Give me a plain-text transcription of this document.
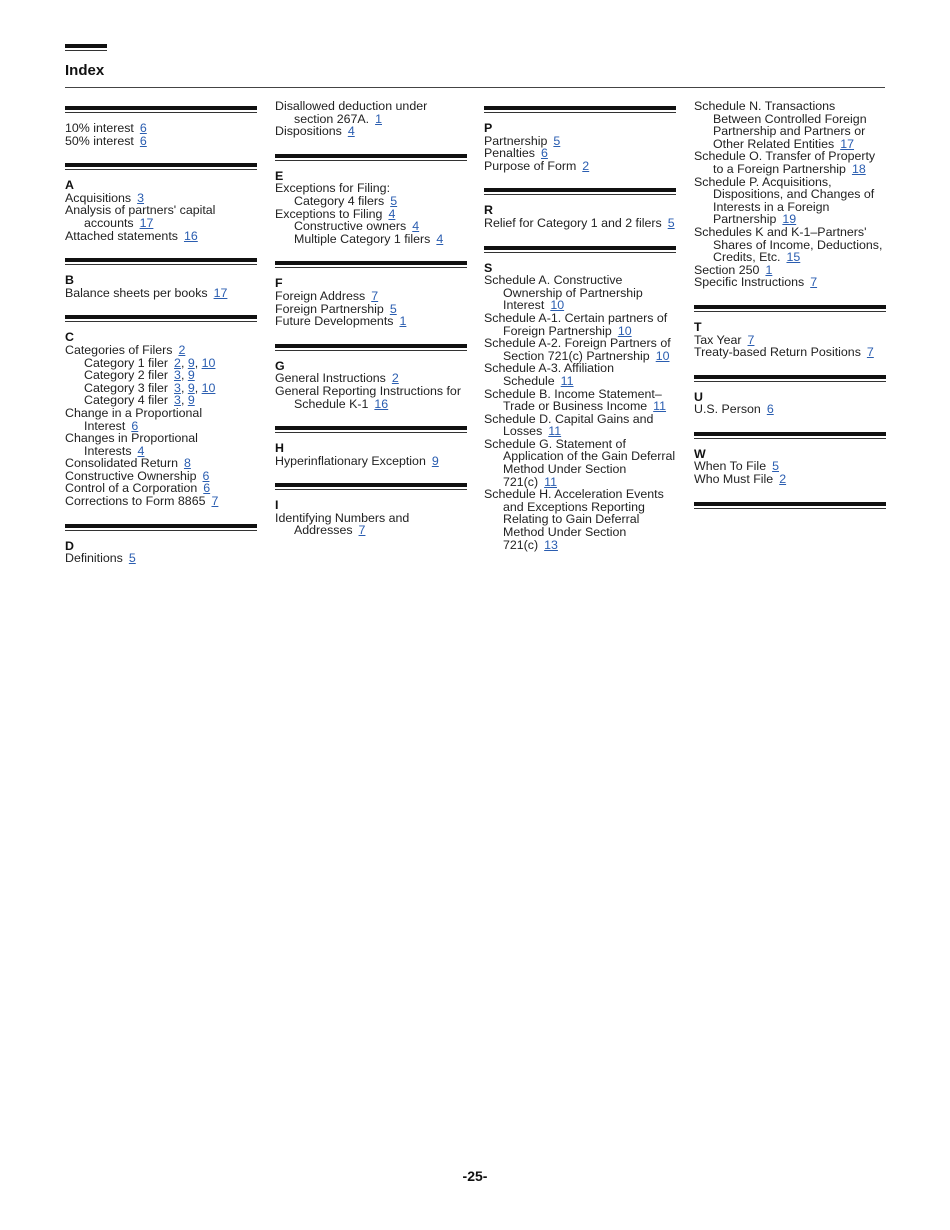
Index
10% interest 6
50% interest 6
A
Acquisitions 3
Analysis of partners' capital
accounts 17
Attached statements 16
B
Balance sheets per books 17
C
Categories of Filers 2
Category 1 filer 2, 9, 10
Category 2 filer 3, 9
Category 3 filer 3, 9, 10
Category 4 filer 3, 9
Change in a Proportional
Interest 6
Changes in Proportional
Interests 4
Consolidated Return 8
Constructive Ownership 6
Control of a Corporation 6
Corrections to Form 8865 7
D
Definitions 5
Disallowed deduction under
section 267A. 1
Dispositions 4
E
Exceptions for Filing:
Category 4 filers 5
Exceptions to Filing 4
Constructive owners 4
Multiple Category 1 filers 4
F
Foreign Address 7
Foreign Partnership 5
Future Developments 1
G
General Instructions 2
General Reporting Instructions for
Schedule K-1 16
H
Hyperinflationary Exception 9
I
Identifying Numbers and
Addresses 7
P
Partnership 5
Penalties 6
Purpose of Form 2
R
Relief for Category 1 and 2 filers 5
S
Schedule A. Constructive
Ownership of Partnership
Interest 10
Schedule A-1. Certain partners of
Foreign Partnership 10
Schedule A-2. Foreign Partners of
Section 721(c) Partnership 10
Schedule A-3. Affiliation
Schedule 11
Schedule B. Income Statement–
Trade or Business Income 11
Schedule D. Capital Gains and
Losses 11
Schedule G. Statement of
Application of the Gain Deferral
Method Under Section
721(c) 11
Schedule H. Acceleration Events
and Exceptions Reporting
Relating to Gain Deferral
Method Under Section
721(c) 13
Schedule N. Transactions
Between Controlled Foreign
Partnership and Partners or
Other Related Entities 17
Schedule O. Transfer of Property
to a Foreign Partnership 18
Schedule P. Acquisitions,
Dispositions, and Changes of
Interests in a Foreign
Partnership 19
Schedules K and K-1–Partners'
Shares of Income, Deductions,
Credits, Etc. 15
Section 250 1
Specific Instructions 7
T
Tax Year 7
Treaty-based Return Positions 7
U
U.S. Person 6
W
When To File 5
Who Must File 2
-25-
